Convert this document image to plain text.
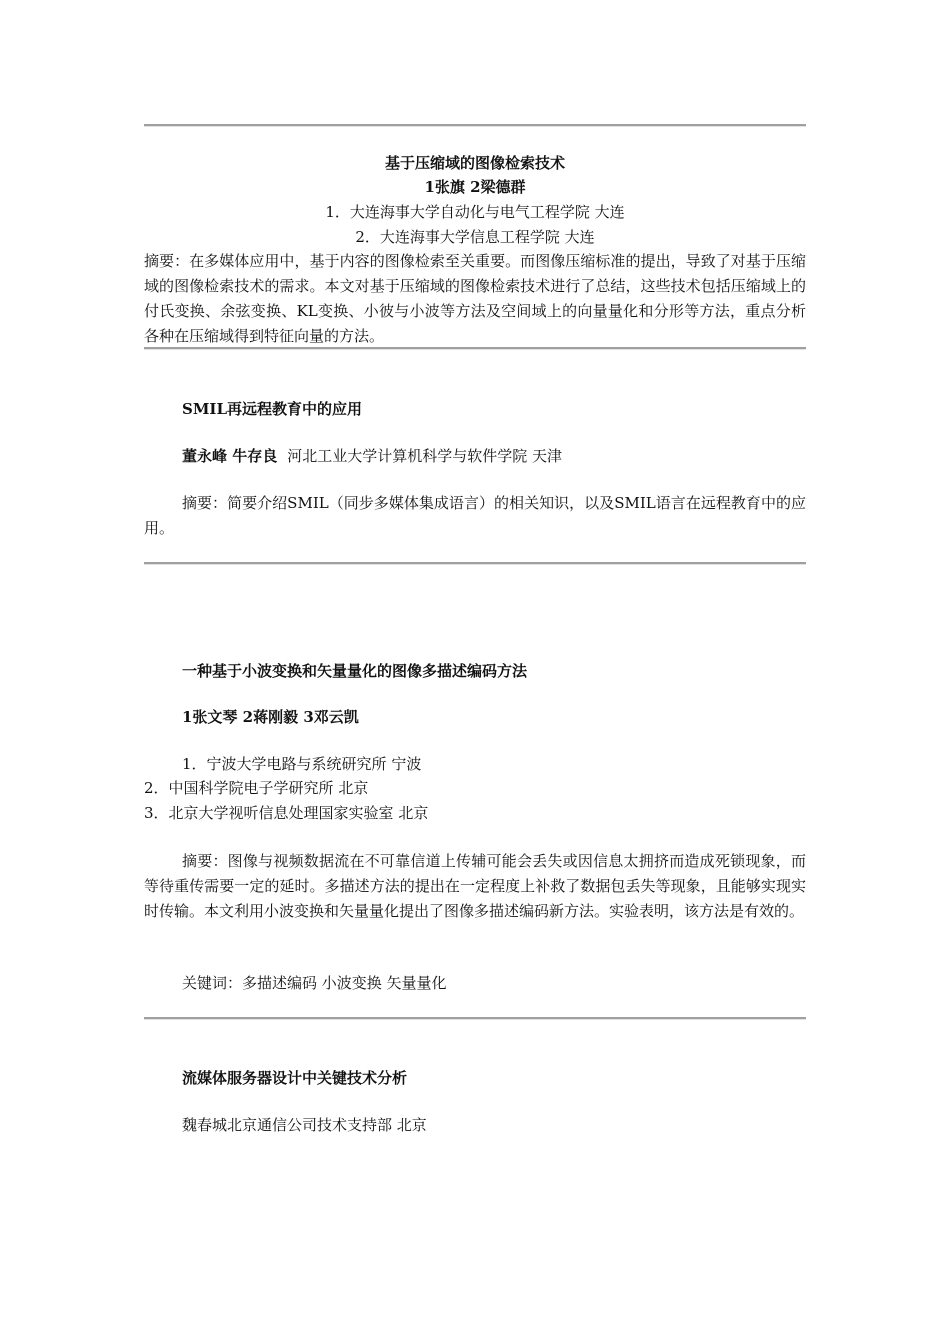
基于压缩域的图像检索技术
1张旗 2梁德群
1．大连海事大学自动化与电气工程学院 大连
2．大连海事大学信息工程学院 大连

摘要：在多媒体应用中，基于内容的图像检索至关重要。而图像压缩标准的提出，导致了对基于压缩域的图像检索技术的需求。本文对基于压缩域的图像检索技术进行了总结，这些技术包括压缩域上的付氏变换、余弦变换、KL变换、小彼与小波等方法及空间域上的向量量化和分形等方法，重点分析各种在压缩域得到特征向量的方法。

SMIL再远程教育中的应用
董永峰 牛存良 河北工业大学计算机科学与软件学院 天津

摘要：简要介绍SMIL（同步多媒体集成语言）的相关知识，以及SMIL语言在远程教育中的应用。

一种基于小波变换和矢量量化的图像多描述编码方法
1张文琴 2蒋刚毅 3邓云凯
1．宁波大学电路与系统研究所 宁波
2．中国科学院电子学研究所 北京
3．北京大学视听信息处理国家实验室 北京

摘要：图像与视频数据流在不可靠信道上传辅可能会丢失或因信息太拥挤而造成死锁现象，而等待重传需要一定的延时。多描述方法的提出在一定程度上补救了数据包丢失等现象，且能够实现实时传输。本文利用小波变换和矢量量化提出了图像多描述编码新方法。实验表明，该方法是有效的。

关键词：多描述编码 小波变换 矢量量化
流媒体服务器设计中关键技术分析
魏春城北京通信公司技术支持部 北京
